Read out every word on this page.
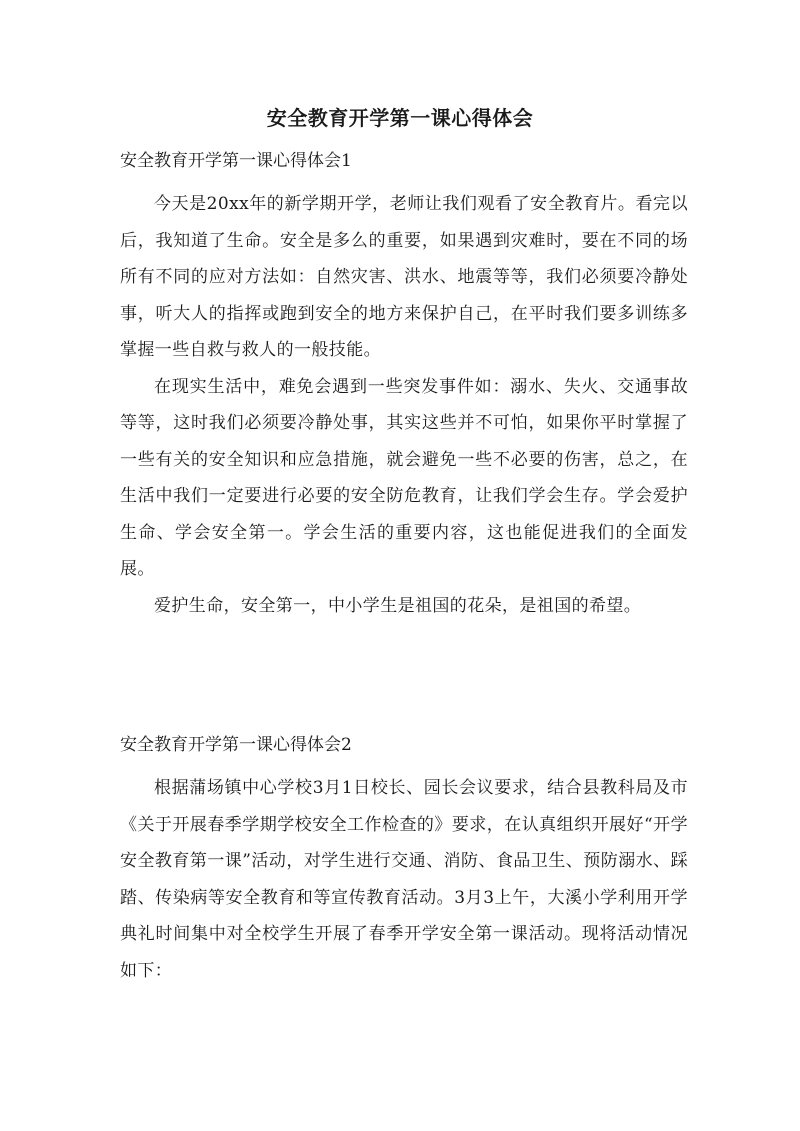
安全教育开学第一课心得体会
安全教育开学第一课心得体会1

今天是20xx年的新学期开学，老师让我们观看了安全教育片。看完以后，我知道了生命。安全是多么的重要，如果遇到灾难时，要在不同的场所有不同的应对方法如：自然灾害、洪水、地震等等，我们必须要冷静处事，听大人的指挥或跑到安全的地方来保护自己，在平时我们要多训练多掌握一些自救与救人的一般技能。

在现实生活中，难免会遇到一些突发事件如：溺水、失火、交通事故等等，这时我们必须要冷静处事，其实这些并不可怕，如果你平时掌握了一些有关的安全知识和应急措施，就会避免一些不必要的伤害，总之，在生活中我们一定要进行必要的安全防危教育，让我们学会生存。学会爱护生命、学会安全第一。学会生活的重要内容，这也能促进我们的全面发展。

爱护生命，安全第一，中小学生是祖国的花朵，是祖国的希望。

安全教育开学第一课心得体会2

根据蒲场镇中心学校3月1日校长、园长会议要求，结合县教科局及市《关于开展春季学期学校安全工作检查的》要求，在认真组织开展好“开学安全教育第一课”活动，对学生进行交通、消防、食品卫生、预防溺水、踩踏、传染病等安全教育和等宣传教育活动。3月3上午，大溪小学利用开学典礼时间集中对全校学生开展了春季开学安全第一课活动。现将活动情况如下：
